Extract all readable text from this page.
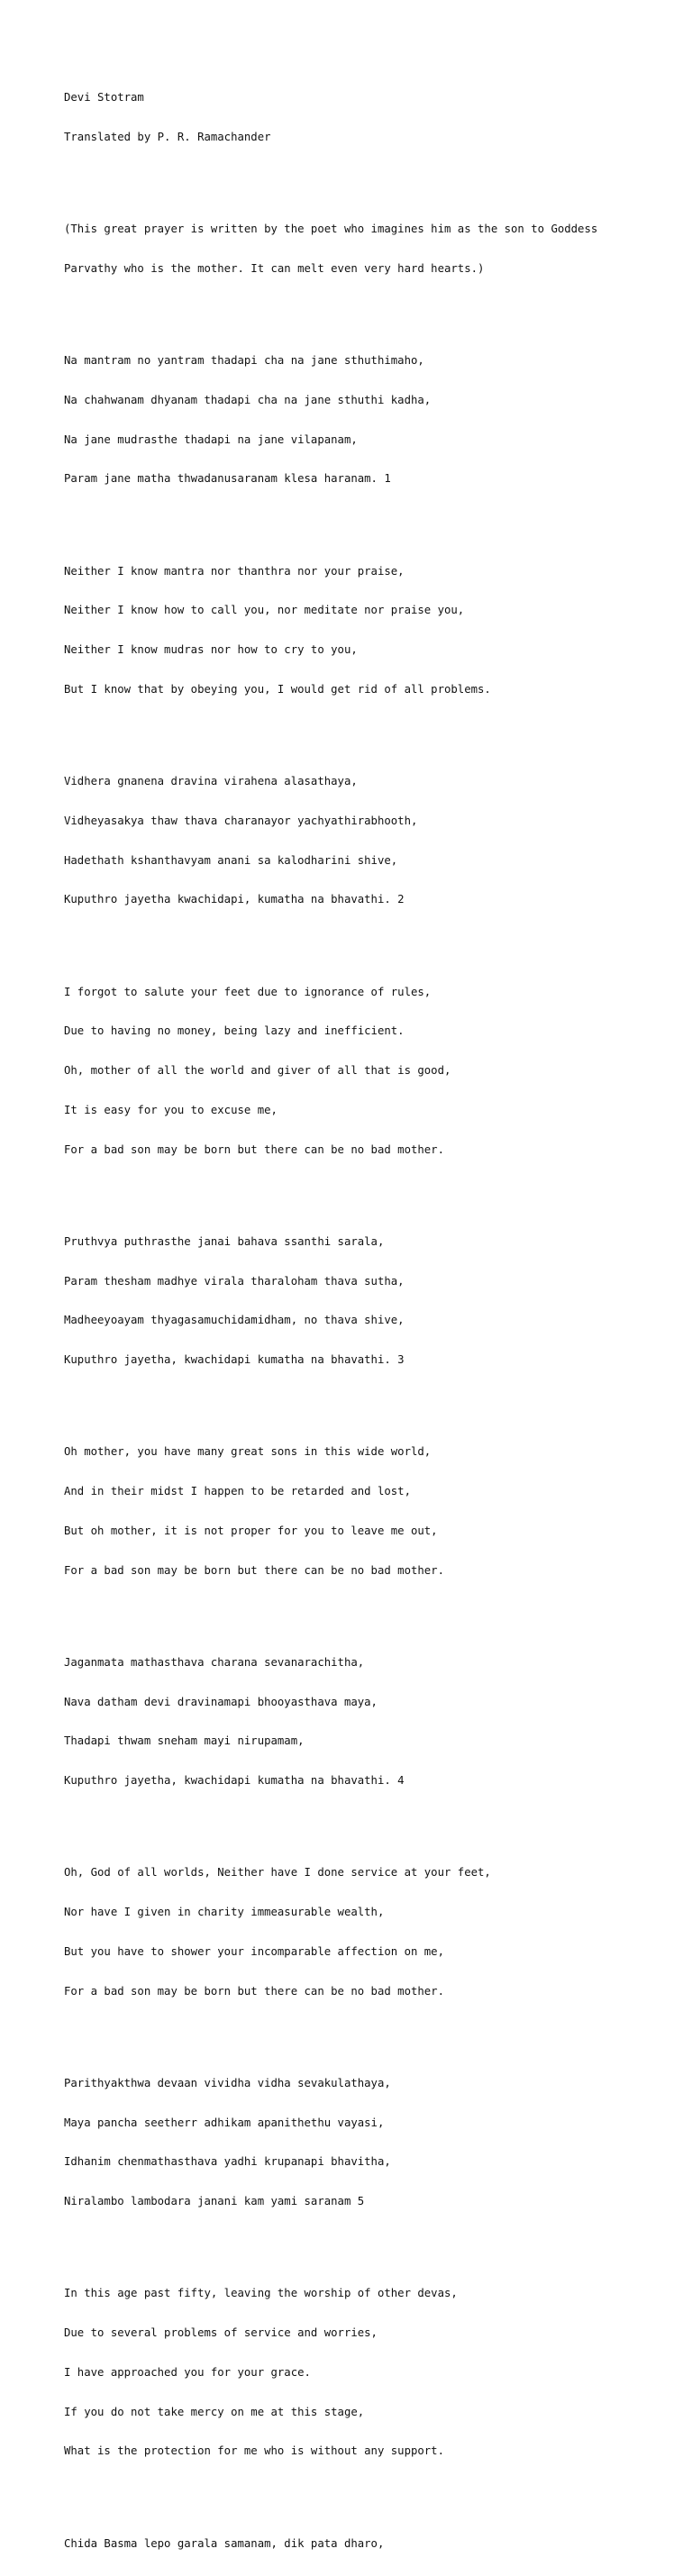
Devi Stotram

Translated by P. R. Ramachander

(This great prayer is written by the poet who imagines him as the son to Goddess

Parvathy who is the mother. It can melt even very hard hearts.)

Na mantram no yantram thadapi cha na jane sthuthimaho,

Na chahwanam dhyanam thadapi cha na jane sthuthi kadha,

Na jane mudrasthe thadapi na jane vilapanam,

Param jane matha thwadanusaranam klesa haranam. 1

Neither I know mantra nor thanthra nor your praise,

Neither I know how to call you, nor meditate nor praise you,

Neither I know mudras nor how to cry to you,

But I know that by obeying you, I would get rid of all problems.

Vidhera gnanena dravina virahena alasathaya,

Vidheyasakya thaw thava charanayor yachyathirabhooth,

Hadethath kshanthavyam anani sa kalodharini shive,

Kuputhro jayetha kwachidapi, kumatha na bhavathi. 2

I forgot to salute your feet due to ignorance of rules,

Due to having no money, being lazy and inefficient.

Oh, mother of all the world and giver of all that is good,

It is easy for you to excuse me,

For a bad son may be born but there can be no bad mother.

Pruthvya puthrasthe janai bahava ssanthi sarala,

Param thesham madhye virala tharaloham thava sutha,

Madheeyoayam thyagasamuchidamidham, no thava shive,

Kuputhro jayetha, kwachidapi kumatha na bhavathi. 3

Oh mother, you have many great sons in this wide world,

And in their midst I happen to be retarded and lost,

But oh mother, it is not proper for you to leave me out,

For a bad son may be born but there can be no bad mother.

Jaganmata mathasthava charana sevanarachitha,

Nava datham devi dravinamapi bhooyasthava maya,

Thadapi thwam sneham mayi nirupamam,

Kuputhro jayetha, kwachidapi kumatha na bhavathi. 4

Oh, God of all worlds, Neither have I done service at your feet,

Nor have I given in charity immeasurable wealth,

But you have to shower your incomparable affection on me,

For a bad son may be born but there can be no bad mother.

Parithyakthwa devaan vividha vidha sevakulathaya,

Maya pancha seetherr adhikam apanithethu vayasi,

Idhanim chenmathasthava yadhi krupanapi bhavitha,

Niralambo lambodara janani kam yami saranam 5

In this age past fifty, leaving the worship of other devas,

Due to several problems of service and worries,

I have approached you for your grace.

If you do not take mercy on me at this stage,

What is the protection for me who is without any support.

Chida Basma lepo garala samanam, dik pata dharo,
